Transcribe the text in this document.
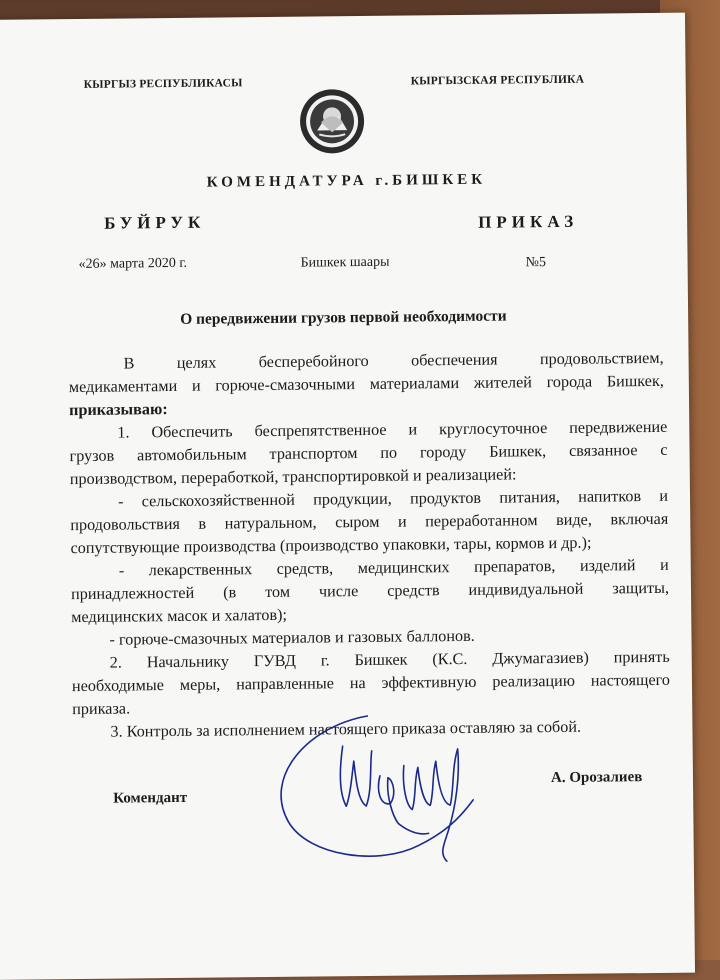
КЫРГЫЗ РЕСПУБЛИКАСЫ	КЫРГЫЗСКАЯ РЕСПУБЛИКА
КОМЕНДАТУРА г.БИШКЕК
БУЙРУК	ПРИКАЗ
«26» марта 2020 г.	Бишкек шаары	№5
О передвижении грузов первой необходимости
В целях бесперебойного обеспечения продовольствием,
медикаментами и горюче-смазочными материалами жителей города Бишкек,
приказываю:
1. Обеспечить беспрепятственное и круглосуточное передвижение
грузов автомобильным транспортом по городу Бишкек, связанное с
производством, переработкой, транспортировкой и реализацией:
- сельскохозяйственной продукции, продуктов питания, напитков и
продовольствия в натуральном, сыром и переработанном виде, включая
сопутствующие производства (производство упаковки, тары, кормов и др.);
- лекарственных средств, медицинских препаратов, изделий и
принадлежностей (в том числе средств индивидуальной защиты,
медицинских масок и халатов);
- горюче-смазочных материалов и газовых баллонов.
2. Начальнику ГУВД г. Бишкек (К.С. Джумагазиев) принять
необходимые меры, направленные на эффективную реализацию настоящего
приказа.
3. Контроль за исполнением настоящего приказа оставляю за собой.
Комендант
А. Орозалиев
